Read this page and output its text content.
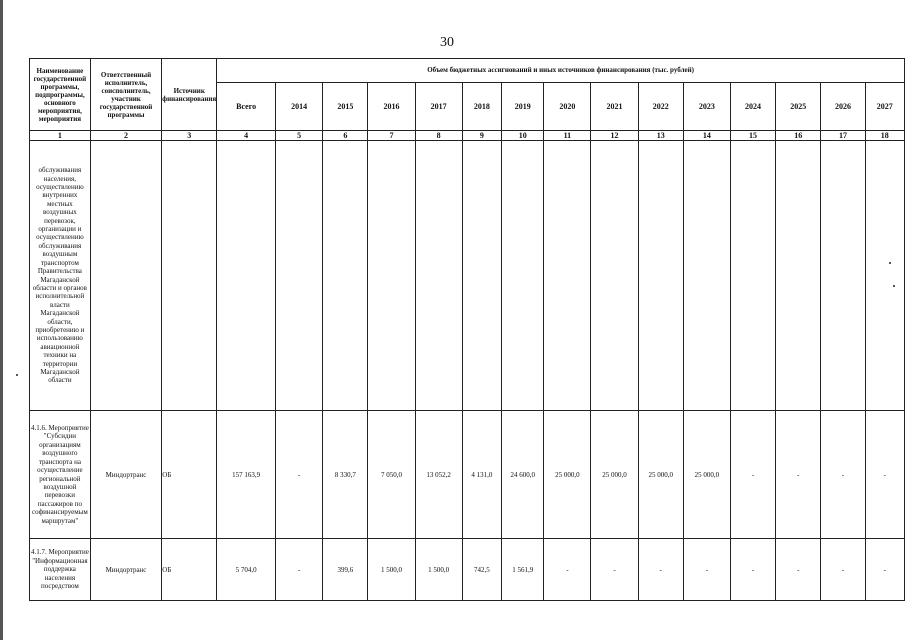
30
Наименование государственной программы, подпрограммы, основного мероприятия, мероприятия	Ответственный исполнитель, соисполнитель, участник государственной программы	Источник финансирования	Объем бюджетных ассигнований и иных источников финансирования (тыс. рублей)														
			Всего	2014	2015	2016	2017	2018	2019	2020	2021	2022	2023	2024	2025	2026	2027
1	2	3	4	5	6	7	8	9	10	11	12	13	14	15	16	17	18
обслуживания населения, осуществлению внутренних местных воздушных перевозок, организации и осуществлению обслуживания воздушным транспортом Правительства Магаданской области и органов исполнительной власти Магаданской области, приобретению и использованию авиационной техники на территории Магаданской области																	
4.1.6. Мероприятие "Субсидии организациям воздушного транспорта на осуществление региональной воздушной перевозки пассажиров по софинансируемым маршрутам"	Миндортранс	ОБ	157 163,9	-	8 330,7	7 050,0	13 052,2	4 131,0	24 600,0	25 000,0	25 000,0	25 000,0	25 000,0	-	-	-	-
4.1.7. Мероприятие "Информационная поддержка населения посредством	Миндортранс	ОБ	5 704,0	-	399,6	1 500,0	1 500,0	742,5	1 561,9	-	-	-	-	-	-	-	-
